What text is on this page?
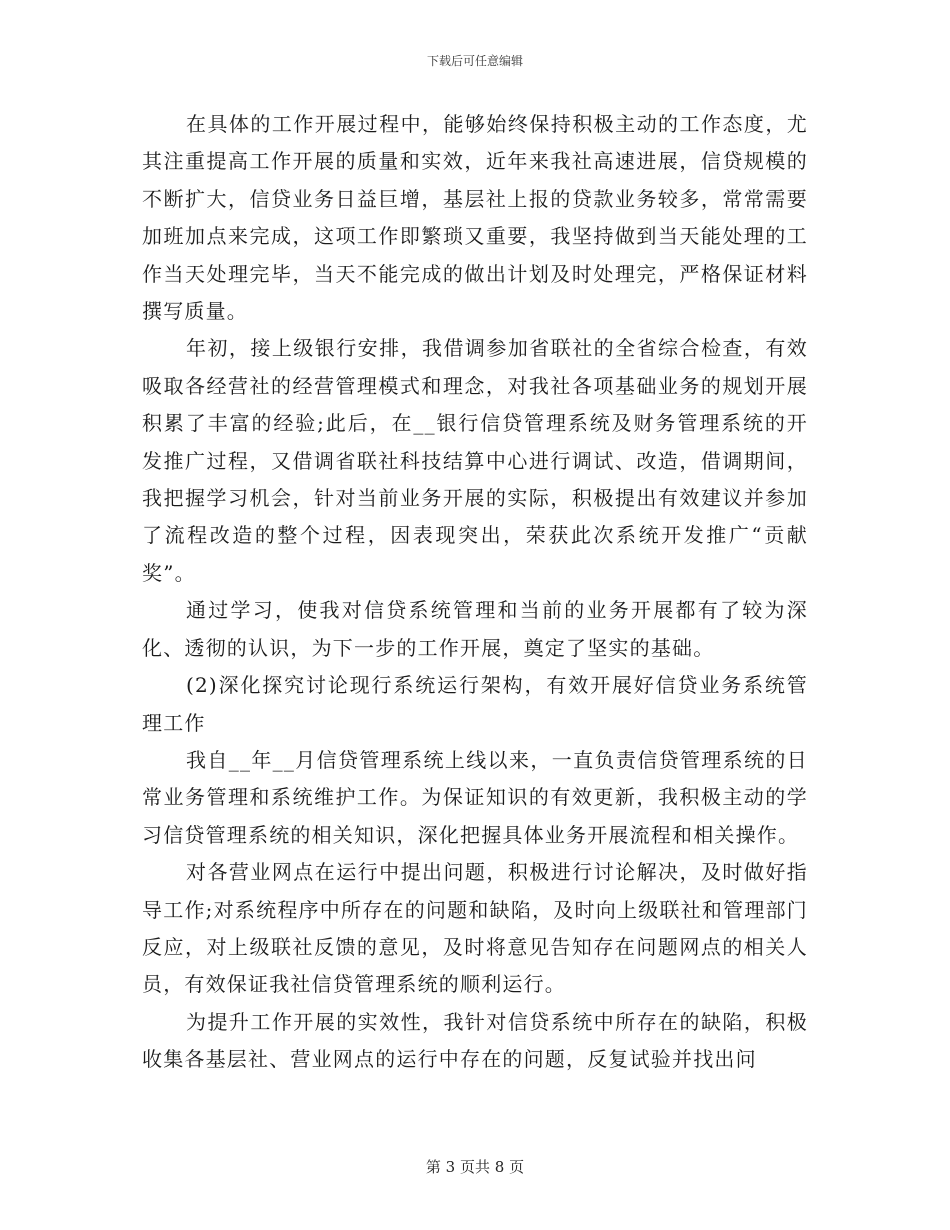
下载后可任意编辑

在具体的工作开展过程中，能够始终保持积极主动的工作态度，尤其注重提高工作开展的质量和实效，近年来我社高速进展，信贷规模的不断扩大，信贷业务日益巨增，基层社上报的贷款业务较多，常常需要加班加点来完成，这项工作即繁琐又重要，我坚持做到当天能处理的工作当天处理完毕，当天不能完成的做出计划及时处理完，严格保证材料撰写质量。

年初，接上级银行安排，我借调参加省联社的全省综合检查，有效吸取各经营社的经营管理模式和理念，对我社各项基础业务的规划开展积累了丰富的经验;此后，在__银行信贷管理系统及财务管理系统的开发推广过程，又借调省联社科技结算中心进行调试、改造，借调期间，我把握学习机会，针对当前业务开展的实际，积极提出有效建议并参加了流程改造的整个过程，因表现突出，荣获此次系统开发推广“贡献奖”。

通过学习，使我对信贷系统管理和当前的业务开展都有了较为深化、透彻的认识，为下一步的工作开展，奠定了坚实的基础。

(2)深化探究讨论现行系统运行架构，有效开展好信贷业务系统管理工作

我自__年__月信贷管理系统上线以来，一直负责信贷管理系统的日常业务管理和系统维护工作。为保证知识的有效更新，我积极主动的学习信贷管理系统的相关知识，深化把握具体业务开展流程和相关操作。

对各营业网点在运行中提出问题，积极进行讨论解决，及时做好指导工作;对系统程序中所存在的问题和缺陷，及时向上级联社和管理部门反应，对上级联社反馈的意见，及时将意见告知存在问题网点的相关人员，有效保证我社信贷管理系统的顺利运行。

为提升工作开展的实效性，我针对信贷系统中所存在的缺陷，积极收集各基层社、营业网点的运行中存在的问题，反复试验并找出问

第 3 页共 8 页
